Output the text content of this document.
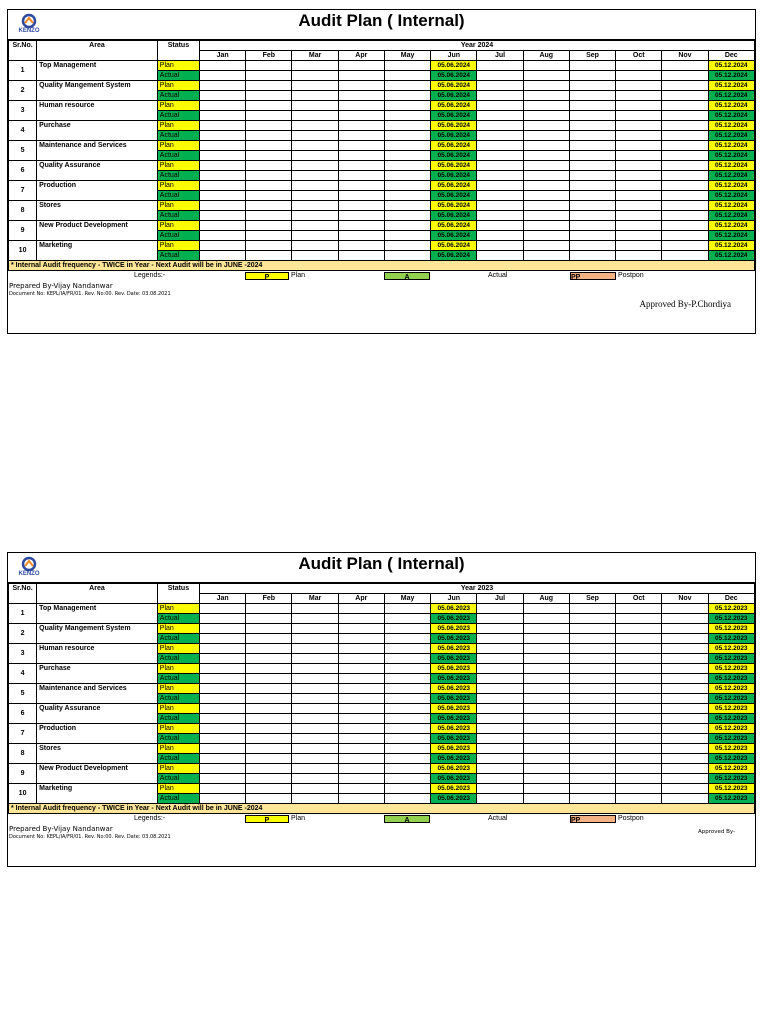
KENZO
Audit Plan ( Internal)
Sr.No.	Area	Status	Year 2024											
			Jan	Feb	Mar	Apr	May	Jun	Jul	Aug	Sep	Oct	Nov	Dec
1	Top Management	Plan						05.06.2024						05.12.2024
		Actual						05.06.2024						05.12.2024
2	Quality Mangement System	Plan						05.06.2024						05.12.2024
		Actual						05.06.2024						05.12.2024
3	Human resource	Plan						05.06.2024						05.12.2024
		Actual						05.06.2024						05.12.2024
4	Purchase	Plan						05.06.2024						05.12.2024
		Actual						05.06.2024						05.12.2024
5	Maintenance and Services	Plan						05.06.2024						05.12.2024
		Actual						05.06.2024						05.12.2024
6	Quality Assurance	Plan						05.06.2024						05.12.2024
		Actual						05.06.2024						05.12.2024
7	Production	Plan						05.06.2024						05.12.2024
		Actual						05.06.2024						05.12.2024
8	Stores	Plan						05.06.2024						05.12.2024
		Actual						05.06.2024						05.12.2024
9	New Product Development	Plan						05.06.2024						05.12.2024
		Actual						05.06.2024						05.12.2024
10	Marketing	Plan						05.06.2024						05.12.2024
		Actual						05.06.2024						05.12.2024
* Internal Audit frequency - TWICE in Year - Next Audit will be in JUNE -2024														
Legends:-	P	Plan	A	Actual	PP	Postpon
Prepared By-Vijay Nandanwar
Document No: KEPL/IA/FR/01. Rev. No:00. Rev. Date: 03.08.2021
Approved By-P.Chordiya
KENZO
Audit Plan ( Internal)
Sr.No.	Area	Status	Year 2023											
			Jan	Feb	Mar	Apr	May	Jun	Jul	Aug	Sep	Oct	Nov	Dec
1	Top Management	Plan						05.06.2023						05.12.2023
		Actual						05.06.2023						05.12.2023
2	Quality Mangement System	Plan						05.06.2023						05.12.2023
		Actual						05.06.2023						05.12.2023
3	Human resource	Plan						05.06.2023						05.12.2023
		Actual						05.06.2023						05.12.2023
4	Purchase	Plan						05.06.2023						05.12.2023
		Actual						05.06.2023						05.12.2023
5	Maintenance and Services	Plan						05.06.2023						05.12.2023
		Actual						05.06.2023						05.12.2023
6	Quality Assurance	Plan						05.06.2023						05.12.2023
		Actual						05.06.2023						05.12.2023
7	Production	Plan						05.06.2023						05.12.2023
		Actual						05.06.2023						05.12.2023
8	Stores	Plan						05.06.2023						05.12.2023
		Actual						05.06.2023						05.12.2023
9	New Product Development	Plan						05.06.2023						05.12.2023
		Actual						05.06.2023						05.12.2023
10	Marketing	Plan						05.06.2023						05.12.2023
		Actual						05.06.2023						05.12.2023
* Internal Audit frequency - TWICE in Year - Next Audit will be in JUNE -2024														
Legends:-	P	Plan	A	Actual	PP	Postpon
Prepared By-Vijay Nandanwar
Document No: KEPL/IA/FR/01. Rev. No:00. Rev. Date: 03.08.2021
Approved By-
